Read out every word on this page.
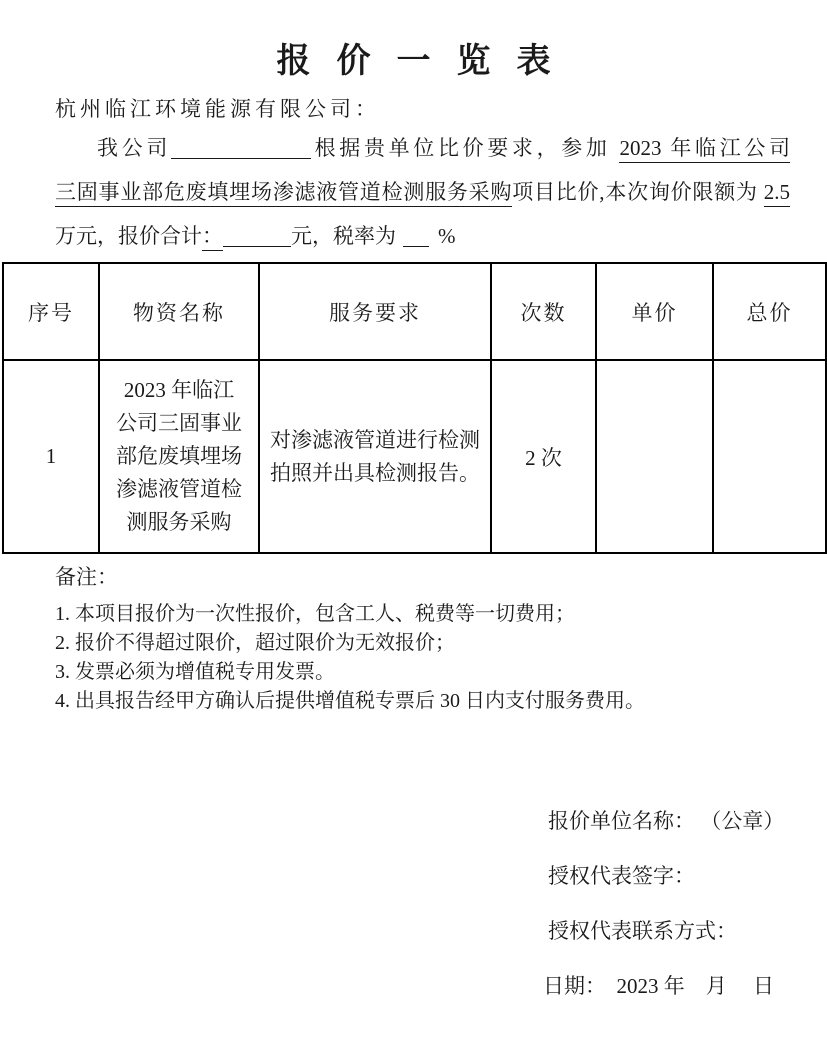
报价一览表
杭州临江环境能源有限公司：
我公司	根据贵单位比价要求，参加 2023 年临江公司
三固事业部危废填埋场渗滤液管道检测服务采购项目比价,本次询价限额为 2.5
万元，报价合计：	元，税率为 %
序号	物资名称	服务要求	次数	单价	总价
1	2023 年临江公司三固事业部危废填埋场渗滤液管道检测服务采购	对渗滤液管道进行检测拍照并出具检测报告。	2 次		
备注：
1. 本项目报价为一次性报价，包含工人、税费等一切费用；
2. 报价不得超过限价，超过限价为无效报价；
3. 发票必须为增值税专用发票。
4. 出具报告经甲方确认后提供增值税专票后 30 日内支付服务费用。
报价单位名称： （公章）
授权代表签字：
授权代表联系方式：
日期：  2023 年    月     日
